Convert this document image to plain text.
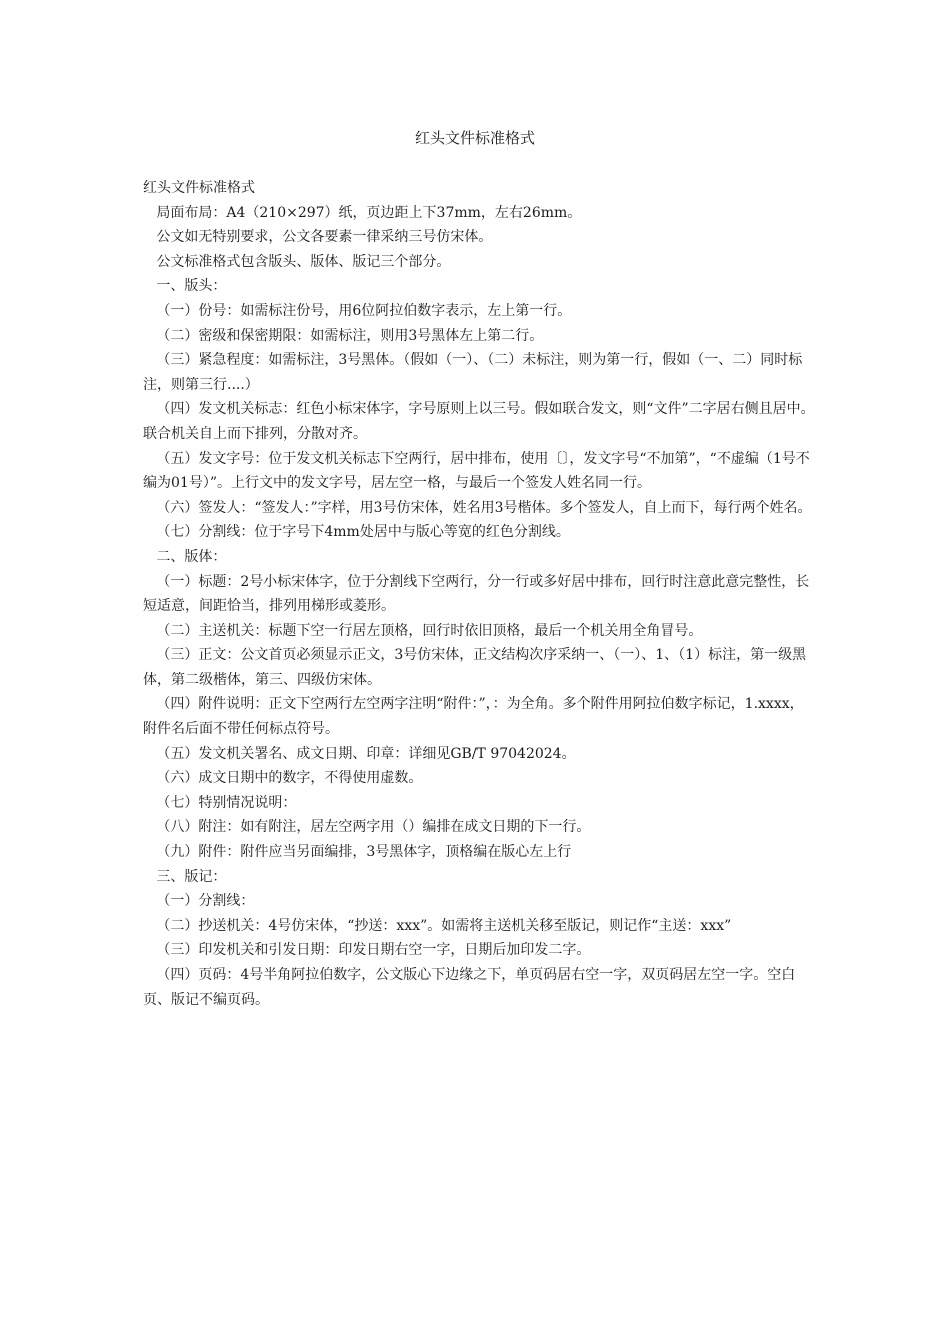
红头文件标准格式

红头文件标准格式

局面布局：A4（210×297）纸，页边距上下37mm，左右26mm。

公文如无特别要求，公文各要素一律采纳三号仿宋体。

公文标准格式包含版头、版体、版记三个部分。

一、版头：

（一）份号：如需标注份号，用6位阿拉伯数字表示，左上第一行。

（二）密级和保密期限：如需标注，则用3号黑体左上第二行。

（三）紧急程度：如需标注，3号黑体。（假如（一）、（二）未标注，则为第一行，假如（一、二）同时标注，则第三行....）

（四）发文机关标志：红色小标宋体字，字号原则上以三号。假如联合发文，则“文件”二字居右侧且居中。联合机关自上而下排列，分散对齐。

（五）发文字号：位于发文机关标志下空两行，居中排布，使用〔〕，发文字号“不加第”，“不虚编（1号不编为01号）”。上行文中的发文字号，居左空一格，与最后一个签发人姓名同一行。

（六）签发人：“签发人：”字样，用3号仿宋体，姓名用3号楷体。多个签发人，自上而下，每行两个姓名。

（七）分割线：位于字号下4mm处居中与版心等宽的红色分割线。

二、版体：

（一）标题：2号小标宋体字，位于分割线下空两行，分一行或多好居中排布，回行时注意此意完整性，长短适意，间距恰当，排列用梯形或菱形。

（二）主送机关：标题下空一行居左顶格，回行时依旧顶格，最后一个机关用全角冒号。

（三）正文：公文首页必须显示正文，3号仿宋体，正文结构次序采纳一、（一）、1、（1）标注，第一级黑体，第二级楷体，第三、四级仿宋体。

（四）附件说明：正文下空两行左空两字注明“附件：”，：为全角。多个附件用阿拉伯数字标记，1.xxxx，附件名后面不带任何标点符号。

（五）发文机关署名、成文日期、印章：详细见GB/T 97042024。

（六）成文日期中的数字，不得使用虚数。

（七）特别情况说明：

（八）附注：如有附注，居左空两字用（）编排在成文日期的下一行。

（九）附件：附件应当另面编排，3号黑体字，顶格编在版心左上行

三、版记：

（一）分割线：

（二）抄送机关：4号仿宋体，“抄送：xxx”。如需将主送机关移至版记，则记作“主送：xxx”

（三）印发机关和引发日期：印发日期右空一字，日期后加印发二字。

（四）页码：4号半角阿拉伯数字，公文版心下边缘之下，单页码居右空一字，双页码居左空一字。空白页、版记不编页码。
